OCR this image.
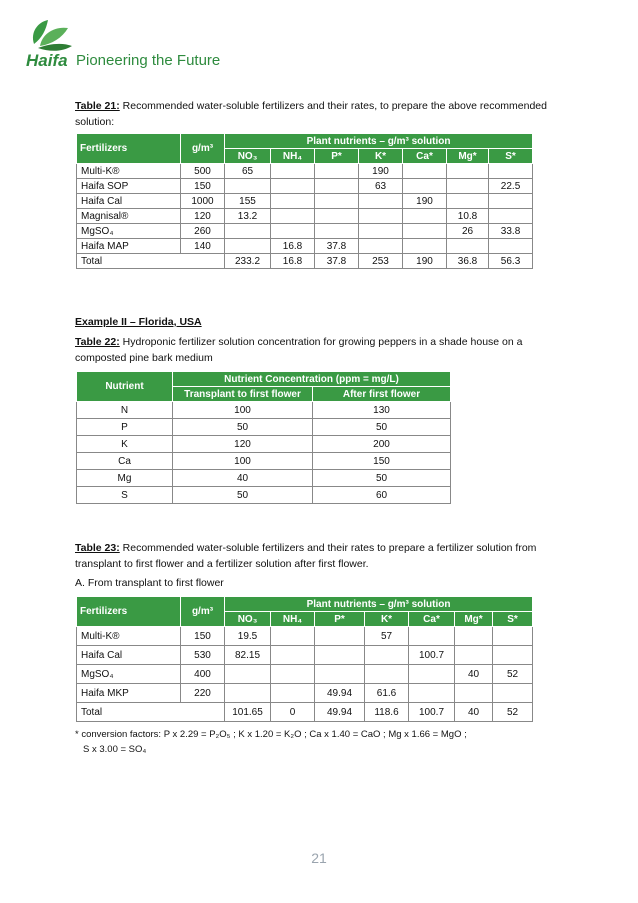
Haifa Pioneering the Future
Table 21: Recommended water-soluble fertilizers and their rates, to prepare the above recommended solution:
Fertilizers	g/m³	Plant nutrients – g/m³ solution						
		NO₃	NH₄	P*	K*	Ca*	Mg*	S*
Multi-K®	500	65			190			
Haifa SOP	150				63			22.5
Haifa Cal	1000	155				190		
Magnisal®	120	13.2					10.8	
MgSO₄	260						26	33.8
Haifa MAP	140		16.8	37.8				
Total		233.2	16.8	37.8	253	190	36.8	56.3
Example II – Florida, USA
Table 22: Hydroponic fertilizer solution concentration for growing peppers in a shade house on a composted pine bark medium
Nutrient	Nutrient Concentration (ppm = mg/L)	
	Transplant to first flower	After first flower
N	100	130
P	50	50
K	120	200
Ca	100	150
Mg	40	50
S	50	60
Table 23: Recommended water-soluble fertilizers and their rates to prepare a fertilizer solution from transplant to first flower and a fertilizer solution after first flower.
A. From transplant to first flower
Fertilizers	g/m³	Plant nutrients – g/m³ solution						
		NO₃	NH₄	P*	K*	Ca*	Mg*	S*
Multi-K®	150	19.5			57			
Haifa Cal	530	82.15				100.7		
MgSO₄	400						40	52
Haifa MKP	220			49.94	61.6			
Total		101.65	0	49.94	118.6	100.7	40	52
* conversion factors: P x 2.29 = P₂O₅ ; K x 1.20 = K₂O ; Ca x 1.40 = CaO ; Mg x 1.66 = MgO ;
S x 3.00 = SO₄
21
